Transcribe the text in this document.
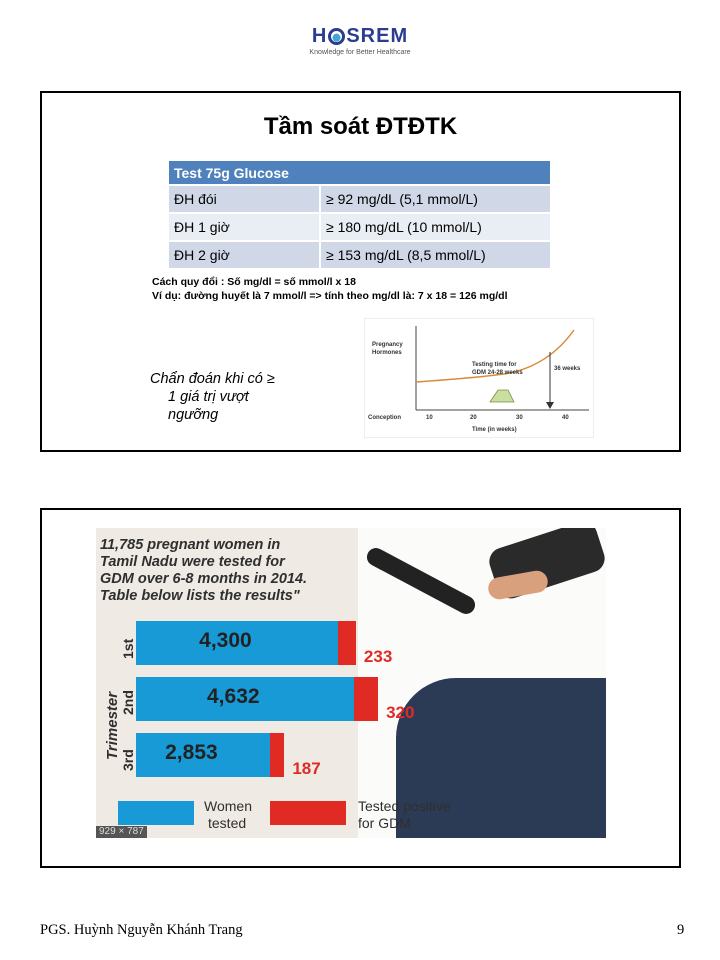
H SREM
Knowledge for Better Healthcare
Tầm soát ĐTĐTK
Test 75g Glucose	
ĐH đói	≥ 92 mg/dL (5,1 mmol/L)
ĐH 1 giờ	≥ 180 mg/dL (10 mmol/L)
ĐH 2 giờ	≥ 153 mg/dL (8,5 mmol/L)
Cách quy đổi : Số mg/dl = số mmol/l x 18
Ví dụ: đường huyết là 7 mmol/l => tính theo mg/dl là: 7 x 18 = 126 mg/dl
Chẩn đoán khi có ≥
1 giá trị vượt
ngưỡng
Pregnancy
Hormones
Testing time for
GDM 24-28 weeks
36 weeks
Conception	10	20	30	40
Time (in weeks)
11,785 pregnant women in
Tamil Nadu were tested for
GDM over 6-8 months in 2014.
Table below lists the results"
Trimester
Women
tested
Tested positive
for GDM
929 × 787
1st	4,300
233
2nd	4,632
320
3rd 2,853
187
PGS. Huỳnh Nguyễn Khánh Trang	9
